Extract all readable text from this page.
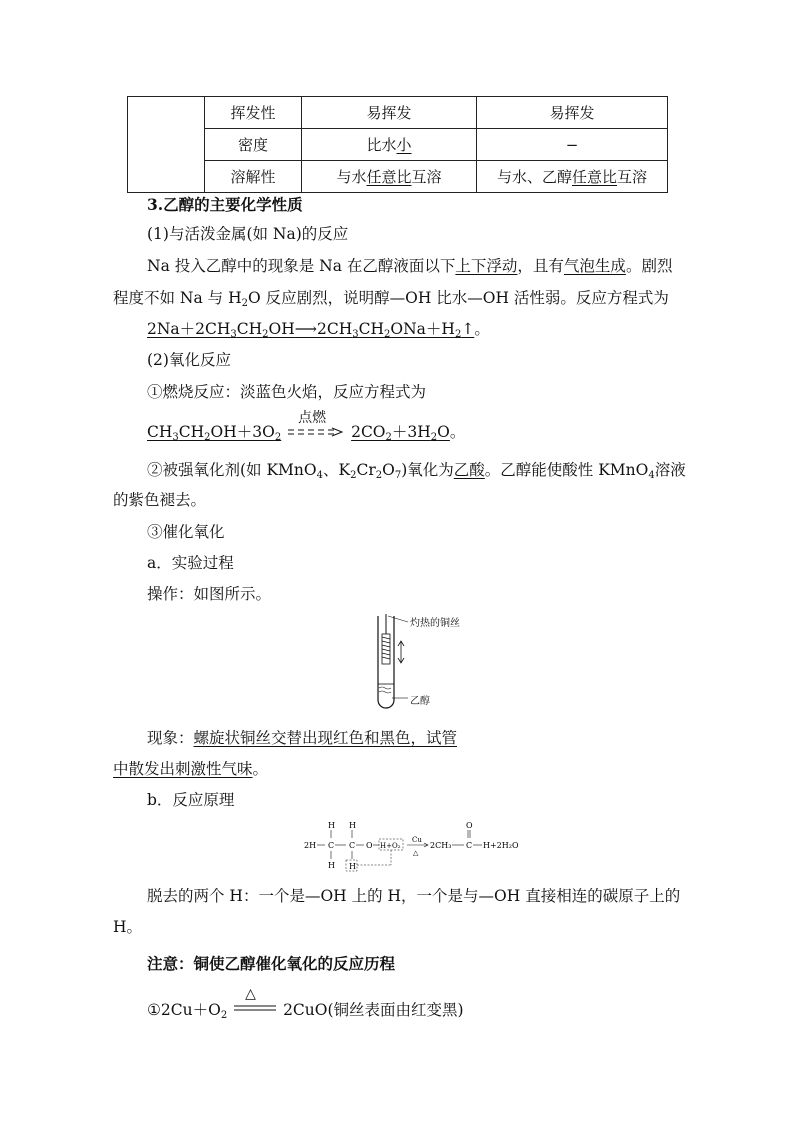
	挥发性	易挥发	易挥发
	密度	比水小	−
	溶解性	与水任意比互溶	与水、乙醇任意比互溶
3.乙醇的主要化学性质
(1)与活泼金属(如 Na)的反应
Na 投入乙醇中的现象是 Na 在乙醇液面以下上下浮动，且有气泡生成。剧烈
程度不如 Na 与 $H_2O$ 反应剧烈，说明醇—OH 比水—OH 活性弱。反应方程式为
$2Na+2CH_3CH_2OH⟶2CH_3CH_2ONa+H_2↑$。
(2)氧化反应
①燃烧反应：淡蓝色火焰，反应方程式为
$CH_3CH_2OH+3O_2$
点燃
$2CO_2+3H_2O$。
②被强氧化剂(如 KMnO$_4$、$K_2Cr_2O_7$)氧化为乙酸。乙醇能使酸性 KMnO$_4$溶液
的紫色褪去。
③催化氧化
a．实验过程
操作：如图所示。
灼热的铜丝
乙醇
现象：螺旋状铜丝交替出现红色和黑色，试管
中散发出刺激性气味。
b．反应原理
H H
2H C C O H+O₂
H H
Cu
△
2CH₃ C
O
H+2H₂O
脱去的两个 H：一个是—OH 上的 H，一个是与—OH 直接相连的碳原子上的
H。
注意：铜使乙醇催化氧化的反应历程
$①2Cu+O_2$
△
2CuO(铜丝表面由红变黑)
